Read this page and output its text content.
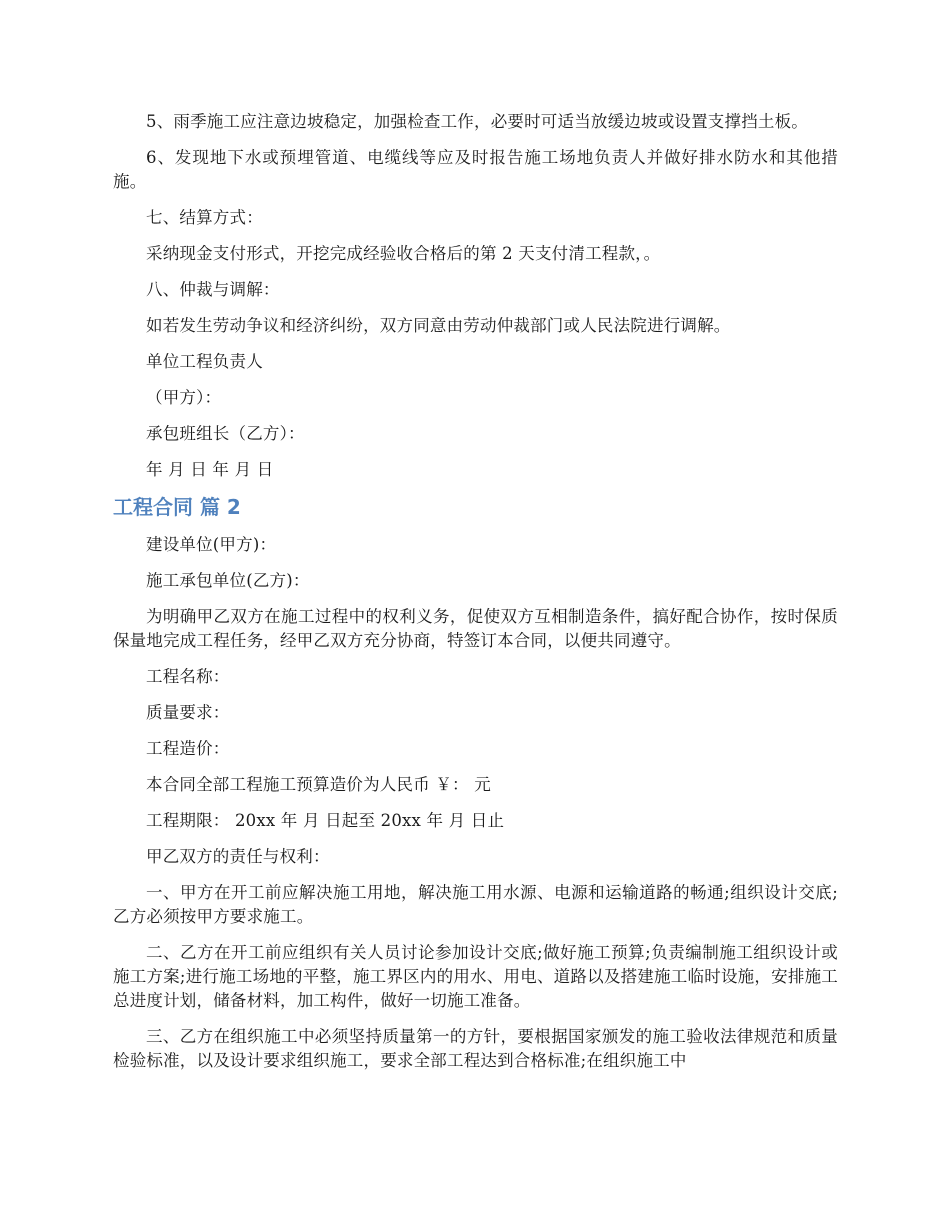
5、雨季施工应注意边坡稳定，加强检查工作，必要时可适当放缓边坡或设置支撑挡土板。

6、发现地下水或预埋管道、电缆线等应及时报告施工场地负责人并做好排水防水和其他措施。

七、结算方式：

采纳现金支付形式，开挖完成经验收合格后的第 2 天支付清工程款，。

八、仲裁与调解：

如若发生劳动争议和经济纠纷，双方同意由劳动仲裁部门或人民法院进行调解。

单位工程负责人

（甲方）：

承包班组长（乙方）：

年 月 日 年 月 日

工程合同 篇 2

建设单位(甲方)：

施工承包单位(乙方)：

为明确甲乙双方在施工过程中的权利义务，促使双方互相制造条件，搞好配合协作，按时保质保量地完成工程任务，经甲乙双方充分协商，特签订本合同，以便共同遵守。

工程名称：

质量要求：

工程造价：

本合同全部工程施工预算造价为人民币 ￥： 元

工程期限： 20xx 年 月 日起至 20xx 年 月 日止

甲乙双方的责任与权利：

一、甲方在开工前应解决施工用地，解决施工用水源、电源和运输道路的畅通;组织设计交底;乙方必须按甲方要求施工。

二、乙方在开工前应组织有关人员讨论参加设计交底;做好施工预算;负责编制施工组织设计或施工方案;进行施工场地的平整，施工界区内的用水、用电、道路以及搭建施工临时设施，安排施工总进度计划，储备材料，加工构件，做好一切施工准备。

三、乙方在组织施工中必须坚持质量第一的方针，要根据国家颁发的施工验收法律规范和质量检验标准，以及设计要求组织施工，要求全部工程达到合格标准;在组织施工中
